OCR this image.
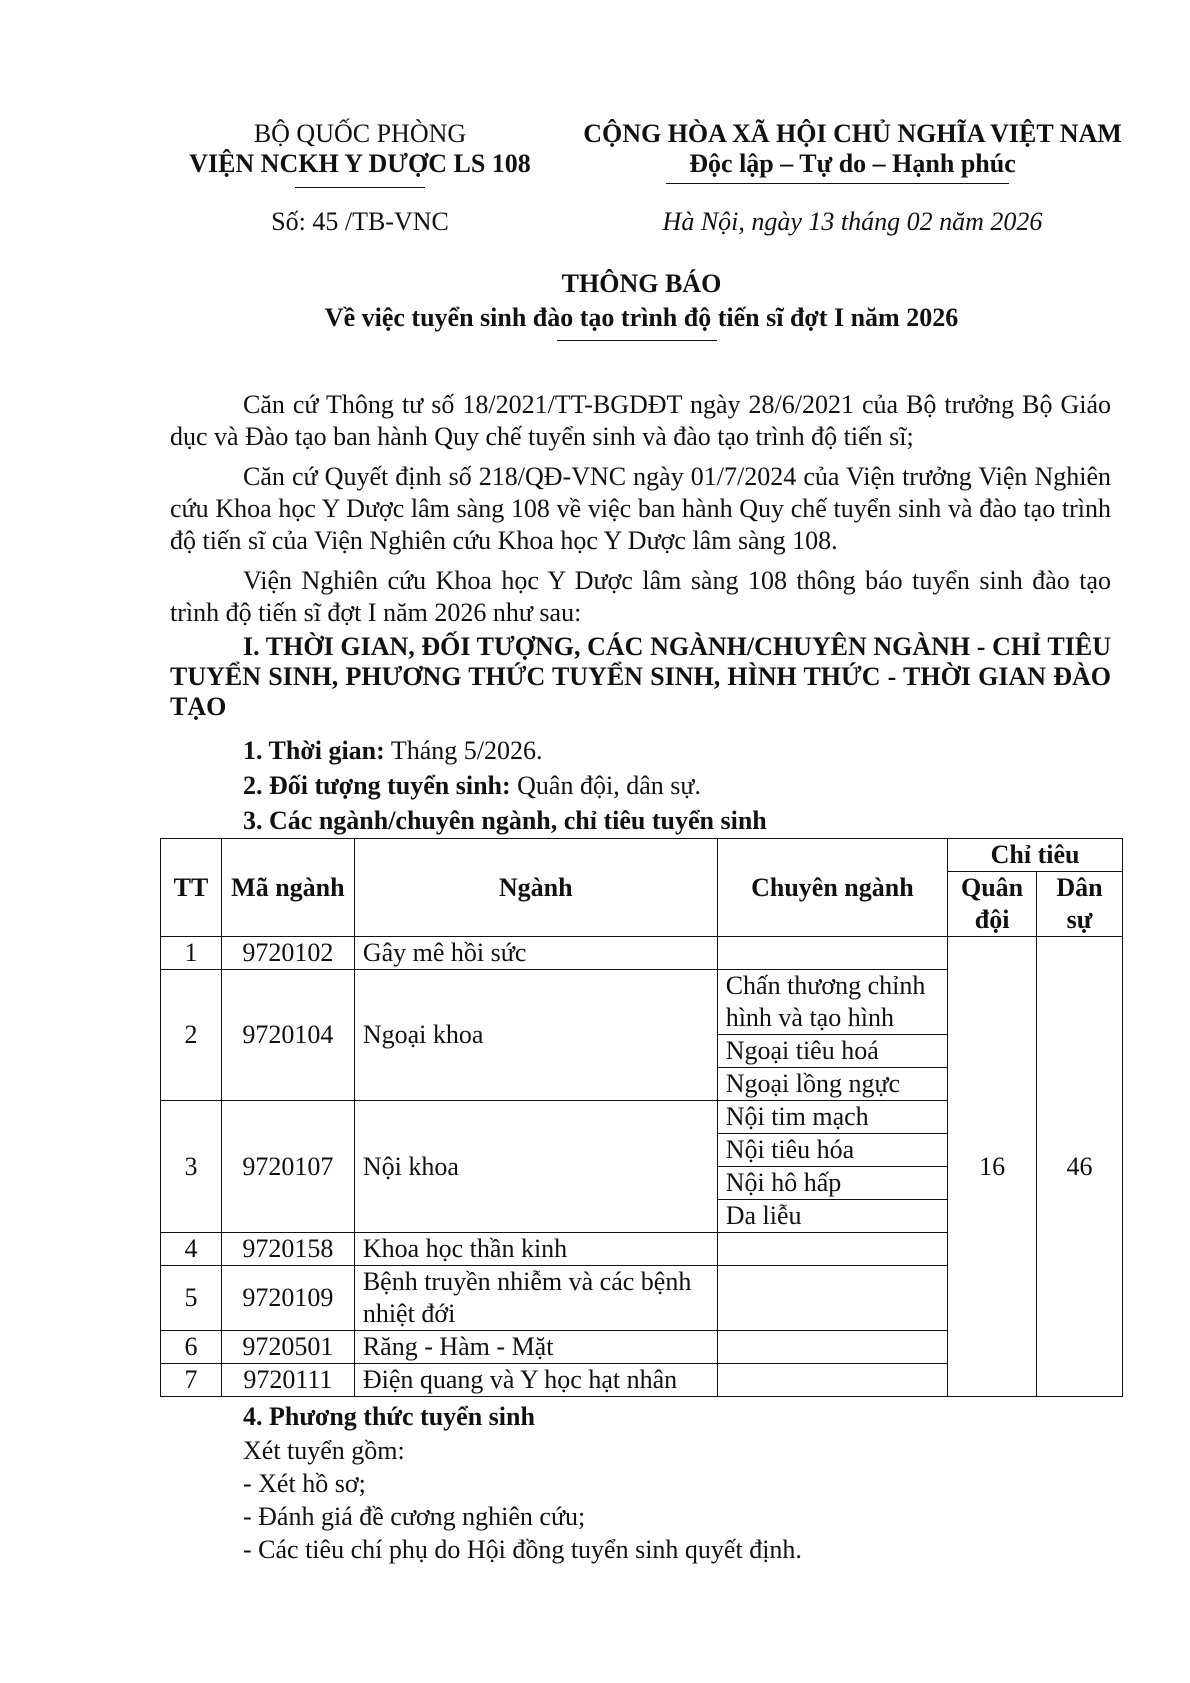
BỘ QUỐC PHÒNG
VIỆN NCKH Y DƯỢC LS 108
Số: 45 /TB-VNC
CỘNG HÒA XÃ HỘI CHỦ NGHĨA VIỆT NAM
Độc lập – Tự do – Hạnh phúc
Hà Nội, ngày 13 tháng 02 năm 2026
THÔNG BÁO
Về việc tuyển sinh đào tạo trình độ tiến sĩ đợt I năm 2026
Căn cứ Thông tư số 18/2021/TT-BGDĐT ngày 28/6/2021 của Bộ trưởng Bộ Giáo dục và Đào tạo ban hành Quy chế tuyển sinh và đào tạo trình độ tiến sĩ;
Căn cứ Quyết định số 218/QĐ-VNC ngày 01/7/2024 của Viện trưởng Viện Nghiên cứu Khoa học Y Dược lâm sàng 108 về việc ban hành Quy chế tuyển sinh và đào tạo trình độ tiến sĩ của Viện Nghiên cứu Khoa học Y Dược lâm sàng 108.
Viện Nghiên cứu Khoa học Y Dược lâm sàng 108 thông báo tuyển sinh đào tạo trình độ tiến sĩ đợt I năm 2026 như sau:
I. THỜI GIAN, ĐỐI TƯỢNG, CÁC NGÀNH/CHUYÊN NGÀNH - CHỈ TIÊU TUYỂN SINH, PHƯƠNG THỨC TUYỂN SINH, HÌNH THỨC - THỜI GIAN ĐÀO TẠO
1. Thời gian: Tháng 5/2026.
2. Đối tượng tuyển sinh: Quân đội, dân sự.
3. Các ngành/chuyên ngành, chỉ tiêu tuyển sinh
TT	Mã ngành	Ngành	Chuyên ngành	Chỉ tiêu	
				Quân đội	Dân sự
1	9720102	Gây mê hồi sức		16	46
2	9720104	Ngoại khoa	Chấn thương chỉnh hình và tạo hình		
			Ngoại tiêu hoá		
			Ngoại lồng ngực		
3	9720107	Nội khoa	Nội tim mạch		
			Nội tiêu hóa		
			Nội hô hấp		
			Da liễu		
4	9720158	Khoa học thần kinh			
5	9720109	Bệnh truyền nhiễm và các bệnh nhiệt đới			
6	9720501	Răng - Hàm - Mặt			
7	9720111	Điện quang và Y học hạt nhân			
4. Phương thức tuyển sinh
Xét tuyển gồm:
- Xét hồ sơ;
- Đánh giá đề cương nghiên cứu;
- Các tiêu chí phụ do Hội đồng tuyển sinh quyết định.
